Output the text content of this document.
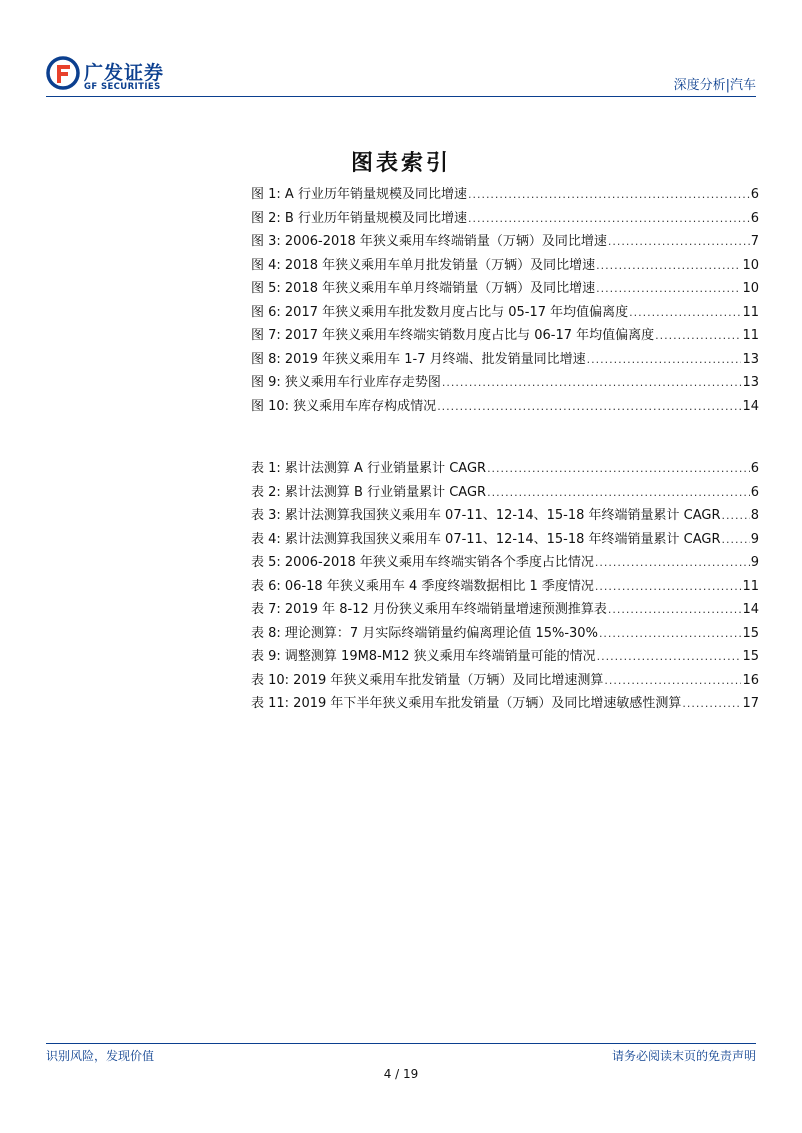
广发证券
GF SECURITIES	深度分析|汽车
图表索引
图 1: A 行业历年销量规模及同比增速 .....	6
图 2: B 行业历年销量规模及同比增速 .....	6
图 3: 2006-2018 年狭义乘用车终端销量（万辆）及同比增速 .....	7
图 4: 2018 年狭义乘用车单月批发销量（万辆）及同比增速 .....	10
图 5: 2018 年狭义乘用车单月终端销量（万辆）及同比增速 .....	10
图 6: 2017 年狭义乘用车批发数月度占比与 05-17 年均值偏离度 .....	11
图 7: 2017 年狭义乘用车终端实销数月度占比与 06-17 年均值偏离度 .....	11
图 8: 2019 年狭义乘用车 1-7 月终端、批发销量同比增速 .....	13
图 9: 狭义乘用车行业库存走势图 .....	13
图 10: 狭义乘用车库存构成情况 .....	14
表 1: 累计法测算 A 行业销量累计 CAGR .....	6
表 2: 累计法测算 B 行业销量累计 CAGR .....	6
表 3: 累计法测算我国狭义乘用车 07-11、12-14、15-18 年终端销量累计 CAGR ..... 8
表 4: 累计法测算我国狭义乘用车 07-11、12-14、15-18 年终端销量累计 CAGR ..... 9
表 5: 2006-2018 年狭义乘用车终端实销各个季度占比情况 .....	9
表 6: 06-18 年狭义乘用车 4 季度终端数据相比 1 季度情况 .....	11
表 7: 2019 年 8-12 月份狭义乘用车终端销量增速预测推算表 .....	14
表 8: 理论测算：7 月实际终端销量约偏离理论值 15%-30% .....	15
表 9: 调整测算 19M8-M12 狭义乘用车终端销量可能的情况 .....	15
表 10: 2019 年狭义乘用车批发销量（万辆）及同比增速测算 .....	16
表 11: 2019 年下半年狭义乘用车批发销量（万辆）及同比增速敏感性测算 .....	17
识别风险，发现价值	请务必阅读末页的免责声明
4 / 19
